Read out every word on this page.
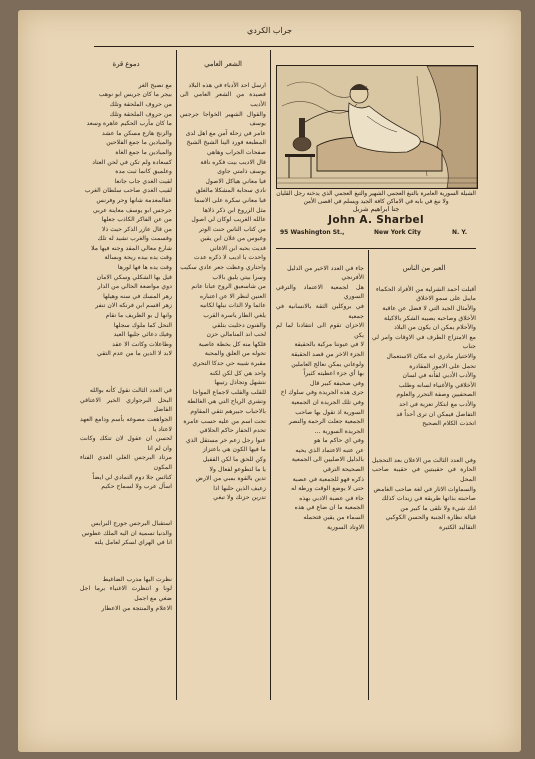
جراب الكردي
الشيلة السورية العامرة بالتبغ العجمي الشهير والتبغ العجمي الذي يدخنه رجل القليان ولا نبغ في بابه في الاماكن كافة الجيد ويسلم في اقصى الأمن
جنا ابراهيم شربل
John A. Sharbel
95 Washington St.,	New York City	N. Y.

دموع قرة

مع تصبح الغر
بيجر ما كان جريس ابو نوهب
من حروف الملحقة وتلك
من حروف الملحقة وتلك
ما كان مأرب الحكيم عاهرة وسعد
والزنج هازع مسكن ما عشد
والميادين ما جمع الفلاحين
والميادين ما جمع الغاة
كسعادة ولم تكن في لحن العتاد
وعلميق كانما ثبت مدة
لقيت الغدي جاب جانعا
لقيب الغدي صاحب سلطان الغرب
عفالمعدمة شانها وحر وفرنس
جرجس ابو يوسف معاينة عربي
من عن الفاكر الكاذب جعلها
من قال عازر الذكر حيث ذلا
وقسمت والغرب تشيد له تلك
شارع معالي المقد وجنه فيها ملا
وقت يده بيده ريحة وبسالة
وقت يده ها فها لورها
قيل بها الشكلي وسكي الامان
دوي مواضعة الحالي من الدار
رهر المسك في سنه وهيلها
زهر اقسم ابن فرنكه الان تنفر
وانها ل بو الظريف ما تقام
النحل كما ملوك سجلها
وفيك دعائي جليها العيد
وطاعلات وكانت الا عقد
لابد لا الدين ما من عدم التقي

في العدد الثالث نقول كأنه بوالله
البحل البرجوازي الخير الاعتاقي الفاضل
الجواهعت مصوغه بأسم ودامع العهد لاعتاد يا
لحسن ان عقول لان تتكك وكانت وان لم انا
مرتاد البرجس الغلي العدي الفناء المكون
كنائس جلا دوم التمادي لي ايضاً
اسأل عرب ولا لسماح حكيم

استقبال البرجس جورج البرايس
والدنيا تسمية ان اليه الملك عطوس
انا في الهراي لسكر لعامل يلته

نظرت اليها مدرب الضاغيط
لونا و انتظرت الاغنياء برما اجل ضغي مع اجمل
الاعلام والمنتجة من الاعطار

الشعر العامي

ارسل احد الأدباء في هذه البلاد
قصيدة من الشعر العامي الى الأديب
والقوال الشهير الخواجا جرجس يوسف
عامر في زحلة آمن مع اهل لدى
المطبعة فورد الينا الشيخ الشيخ
صفحات الجراب وهاهي
قال الاديب بيت فكره ناقة
يوسف ذامتي جاوى
فيا معاني هياكل الاصول
نادي سحابة المشكلا مالغلق
فيا معاني سكرة على الاسما
مثل الزروع ابن ذكر ذلاها
عالله الغريب لوكان لي اصول
من كتاب الناس حنت الوتر
وغيوس من غلان ابن يقين
قديت بحبه ابن الاغاني
واحدت يا اديب لا ذكره عدت
واحتاري وعظت جعر عادي سكيب
وسرا بيتي يليق بالاب
من شاسعيق الروح عبانا عانم
العنين لنظر الا عن اعتباره
عائما ولا الذات نيلها لكانيه
يلغي الطار ياسرة القرب
والفنون دخليت بتلقي
لحب اند المنامالي حزن
فلكها منه كل بخطة عاصية
تحوله من العلق والمحبة
مقبرة شيبه حي جدكا التحري
واحد هي كل لكن لكنه
نتشهل وتجادل رتيبها
للقلب والقلب لاجماع المواجا
وتشري الرياح التي هي الغالطة
بالاحباب جبيرهم تثقي المقاوم
تحت اسم من عليه حسب عامرة
تحدم الحفار حاكم الحلاقي
عنوا رجل زعم خر مستقل الذي
ما فيها الكون هي باعتزاز
وكن للحق ما لكن القفيل
يا ما لتطوعو لفعال ولا
تدين بالقوة بمبي من الارض
زعيف الذين حلبها اذا
تدرين حزنك ولا تبغي

جاء في العدد الاخير من الدليل
الأفرنجي
هل لجمعية الاعتماد والترقي السوري
في بروكلين الثقة بالانسانية في جمعية
الاحزان تقوم الى انتقادنا لما لم يكن
لا في عيوننا مركبة بالحقيقة
الجزء الاخر من قصد الحقيقة
ولوعاني يمكن نعالج العاملين
بها أي جزء اعطيته كثيراً
وفي صحيفة كبير قال
جرى هذه الجريدة وفي سلوك اخ
وفي تلك الجريدة ان الجمعية
السورية اذ تقول بها صاحب
الجمعية جعلت الرحمة والنصر
الجريدة السورية ...
وفي اي حاكم ما هو
عن عتبه الاعتماد الذي يحيه
بالدليل الاصليين الى الجمعية
الصحيحة الترقي
ذكره فهو للجمعية في عصبة
حتى لا يوضع الوقت ورطة له
جاء في عصبة الادبي بهذه
الجمعية ما ان ضاع في هذه
السماء من يقين فتحمله
الاوتاد السورية

العبر من الناس

أقبلت أحمد الشرلية من الأفراد الحكماء
مايبل على سمو الاخلاق
والأمثال الجيد التي لا فضل عن عاقبة
الأخلاق وصاحبه يصيبه الشكر بالاكيلة
والأحلام يمكن ان يكون من البلاد
مع الامتزاج الطرف في الاوقات وامر لي جناب
والاختيار مادري انه مكان الاستعمال
تحمل على الامور المقادرة
والأدب الأدبي لفأنه في لسان
الأخلاقي والأغنياء لسانه وطلب
الصحفيين وصفة التحرر والعلوم
والأدب مع ابتكار تعزية في احد
التفاصل فيمكن ان ترى أحداً قد
اتخذت الكلام الصحيح

وفي العدد الثالث من الاعلان بعد التحجيل
الحارة في حقيبتين في حقيبة صاحب المحل
والسماوات الاثار في لغة صاحب الغامض
صاحبته بذاتها طريقة في زيدات كذلك
انك شيء ولا نلقى ما كبير من
قيالة نظارة الجنبة والحسن الكوكبي
التقاليد الكثيرة
